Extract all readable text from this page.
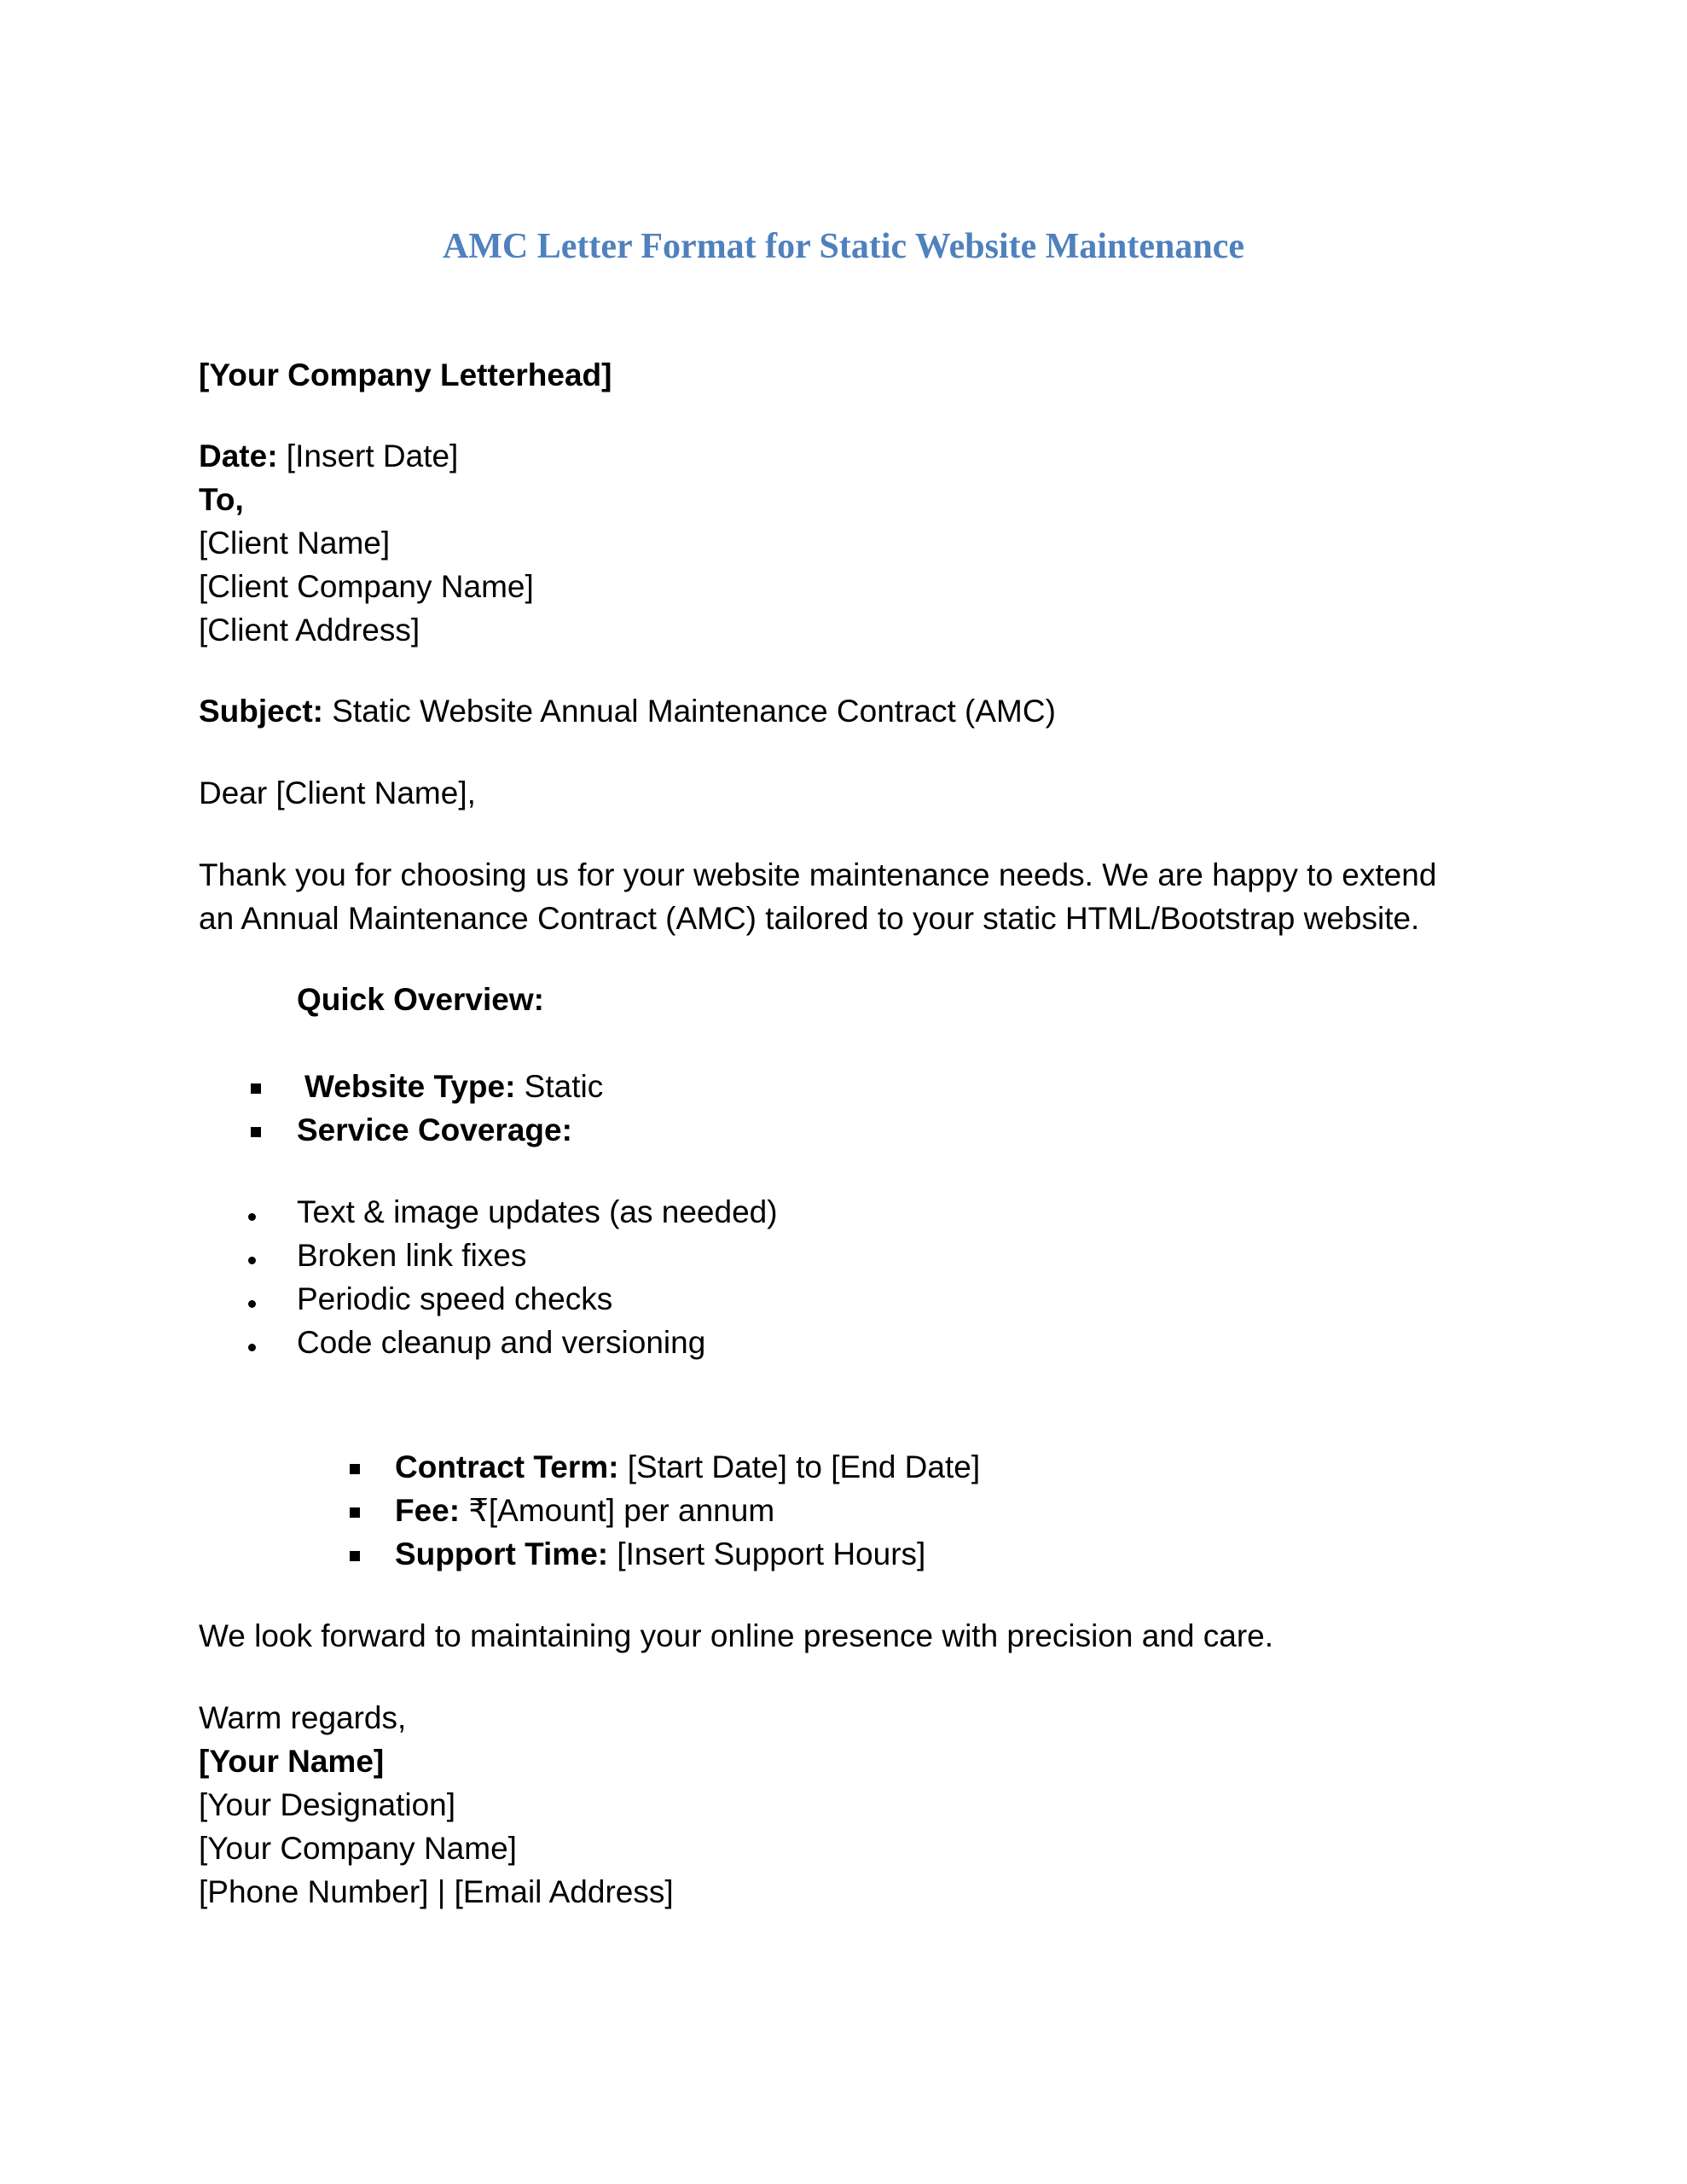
AMC Letter Format for Static Website Maintenance
[Your Company Letterhead]
Date: [Insert Date]
To,
[Client Name]
[Client Company Name]
[Client Address]
Subject: Static Website Annual Maintenance Contract (AMC)
Dear [Client Name],
Thank you for choosing us for your website maintenance needs. We are happy to extend
an Annual Maintenance Contract (AMC) tailored to your static HTML/Bootstrap website.
Quick Overview:
Website Type: Static
Service Coverage:
Text & image updates (as needed)
Broken link fixes
Periodic speed checks
Code cleanup and versioning
Contract Term: [Start Date] to [End Date]
Fee: ₹[Amount] per annum
Support Time: [Insert Support Hours]
We look forward to maintaining your online presence with precision and care.
Warm regards,
[Your Name]
[Your Designation]
[Your Company Name]
[Phone Number] | [Email Address]
